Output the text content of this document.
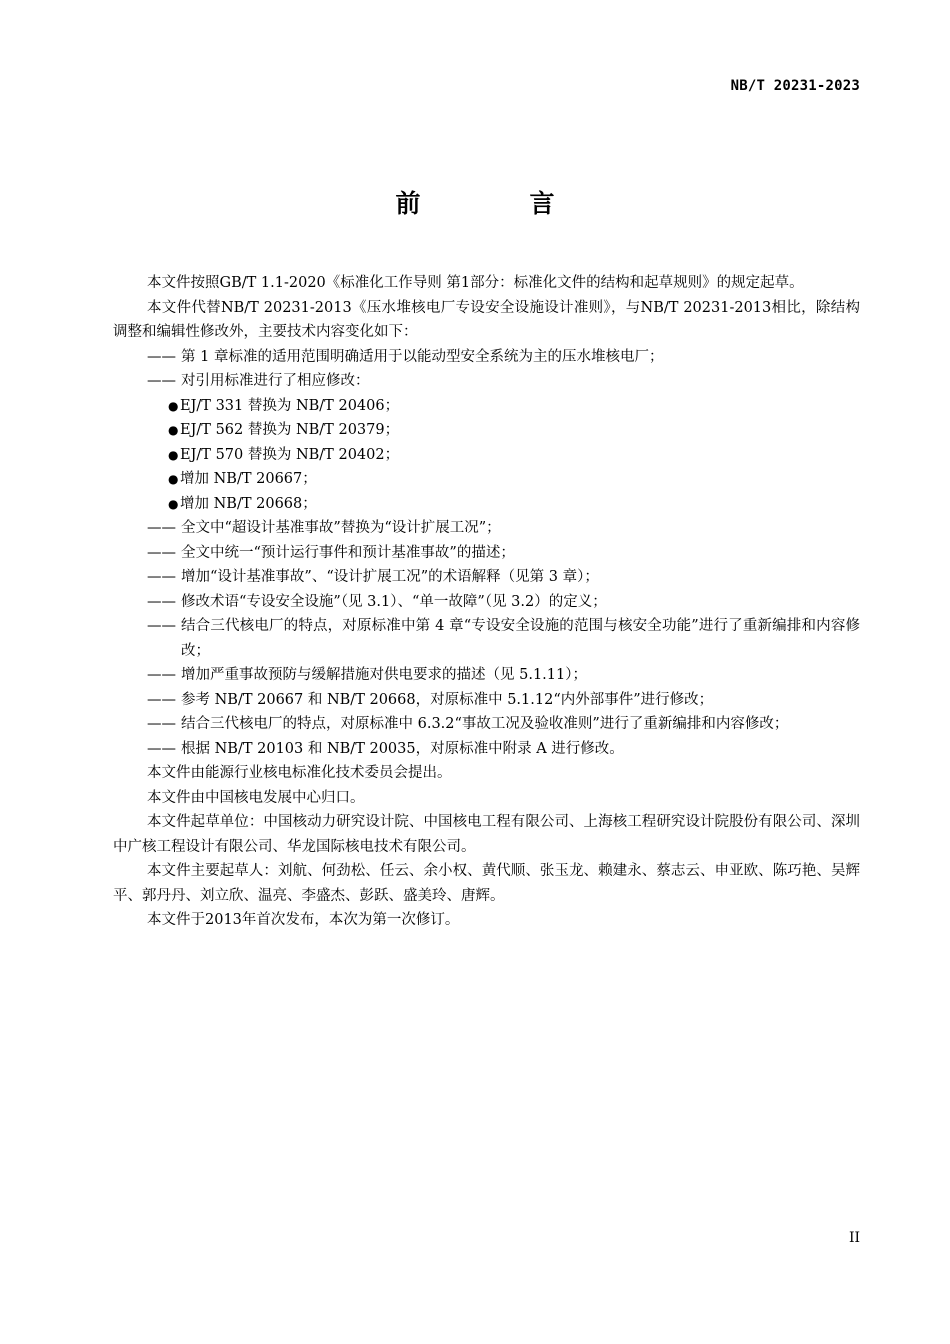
NB/T 20231-2023
前　言
本文件按照GB/T 1.1-2020《标准化工作导则 第1部分：标准化文件的结构和起草规则》的规定起草。
本文件代替NB/T 20231-2013《压水堆核电厂专设安全设施设计准则》，与NB/T 20231-2013相比，除结构调整和编辑性修改外，主要技术内容变化如下：
—— 第 1 章标准的适用范围明确适用于以能动型安全系统为主的压水堆核电厂；
—— 对引用标准进行了相应修改：
● EJ/T 331 替换为 NB/T 20406；
● EJ/T 562 替换为 NB/T 20379；
● EJ/T 570 替换为 NB/T 20402；
● 增加 NB/T 20667；
● 增加 NB/T 20668；
—— 全文中“超设计基准事故”替换为“设计扩展工况”；
—— 全文中统一“预计运行事件和预计基准事故”的描述；
—— 增加“设计基准事故”、“设计扩展工况”的术语解释（见第 3 章）；
—— 修改术语“专设安全设施”（见 3.1）、“单一故障”（见 3.2）的定义；
—— 结合三代核电厂的特点，对原标准中第 4 章“专设安全设施的范围与核安全功能”进行了重新编排和内容修改；
—— 增加严重事故预防与缓解措施对供电要求的描述（见 5.1.11）；
—— 参考 NB/T 20667 和 NB/T 20668，对原标准中 5.1.12“内外部事件”进行修改；
—— 结合三代核电厂的特点，对原标准中 6.3.2“事故工况及验收准则”进行了重新编排和内容修改；
—— 根据 NB/T 20103 和 NB/T 20035，对原标准中附录 A 进行修改。
本文件由能源行业核电标准化技术委员会提出。
本文件由中国核电发展中心归口。
本文件起草单位：中国核动力研究设计院、中国核电工程有限公司、上海核工程研究设计院股份有限公司、深圳中广核工程设计有限公司、华龙国际核电技术有限公司。
本文件主要起草人：刘航、何劲松、任云、余小权、黄代顺、张玉龙、赖建永、蔡志云、申亚欧、陈巧艳、吴辉平、郭丹丹、刘立欣、温亮、李盛杰、彭跃、盛美玲、唐辉。
本文件于2013年首次发布，本次为第一次修订。
II
